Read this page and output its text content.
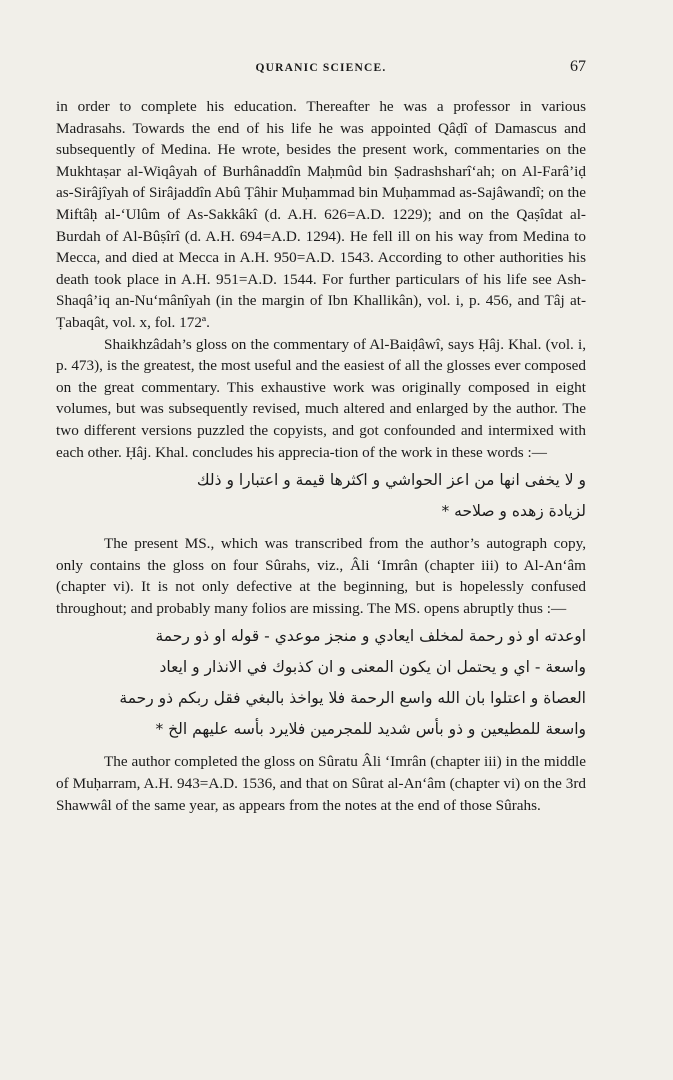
QURANIC SCIENCE.	67

in order to complete his education. Thereafter he was a professor in various Madrasahs. Towards the end of his life he was appointed Qâḍî of Damascus and subsequently of Medina. He wrote, besides the present work, commentaries on the Mukhtaṣar al-Wiqâyah of Burhânaddîn Maḥmûd bin Ṣadrashsharî‘ah; on Al-Farâ’iḍ as-Sirâjîyah of Sirâjaddîn Abû Ṭâhir Muḥammad bin Muḥammad as-Sajâwandî; on the Miftâḥ al-‘Ulûm of As-Sakkâkî (d. A.H. 626=A.D. 1229); and on the Qaṣîdat al-Burdah of Al-Bûṣîrî (d. A.H. 694=A.D. 1294). He fell ill on his way from Medina to Mecca, and died at Mecca in A.H. 950=A.D. 1543. According to other authorities his death took place in A.H. 951=A.D. 1544. For further particulars of his life see Ash-Shaqâ’iq an-Nu‘mânîyah (in the margin of Ibn Khallikân), vol. i, p. 456, and Tâj at-Ṭabaqât, vol. x, fol. 172ª.

Shaikhzâdah’s gloss on the commentary of Al-Baiḍâwî, says Ḥâj. Khal. (vol. i, p. 473), is the greatest, the most useful and the easiest of all the glosses ever composed on the great commentary. This exhaustive work was originally composed in eight volumes, but was subsequently revised, much altered and enlarged by the author. The two different versions puzzled the copyists, and got confounded and intermixed with each other. Ḥâj. Khal. concludes his apprecia-tion of the work in these words :—

و لا يخفى انها من اعز الحواشي و اكثرها قيمة و اعتبارا و ذلك
لزيادة زهده و صلاحه *

The present MS., which was transcribed from the author’s autograph copy, only contains the gloss on four Sûrahs, viz., Âli ‘Imrân (chapter iii) to Al-An‘âm (chapter vi). It is not only defective at the beginning, but is hopelessly confused throughout; and probably many folios are missing. The MS. opens abruptly thus :—

اوعدته او ذو رحمة لمخلف ايعادي و منجز موعدي - قوله او ذو رحمة
واسعة - اي و يحتمل ان يكون المعنى و ان كذبوك في الانذار و ايعاد
العصاة و اعتلوا بان الله واسع الرحمة فلا يواخذ بالبغي فقل ربكم ذو رحمة
واسعة للمطيعين و ذو بأس شديد للمجرمين فلايرد بأسه عليهم الخ *

The author completed the gloss on Sûratu Âli ‘Imrân (chapter iii) in the middle of Muḥarram, A.H. 943=A.D. 1536, and that on Sûrat al-An‘âm (chapter vi) on the 3rd Shawwâl of the same year, as appears from the notes at the end of those Sûrahs.
